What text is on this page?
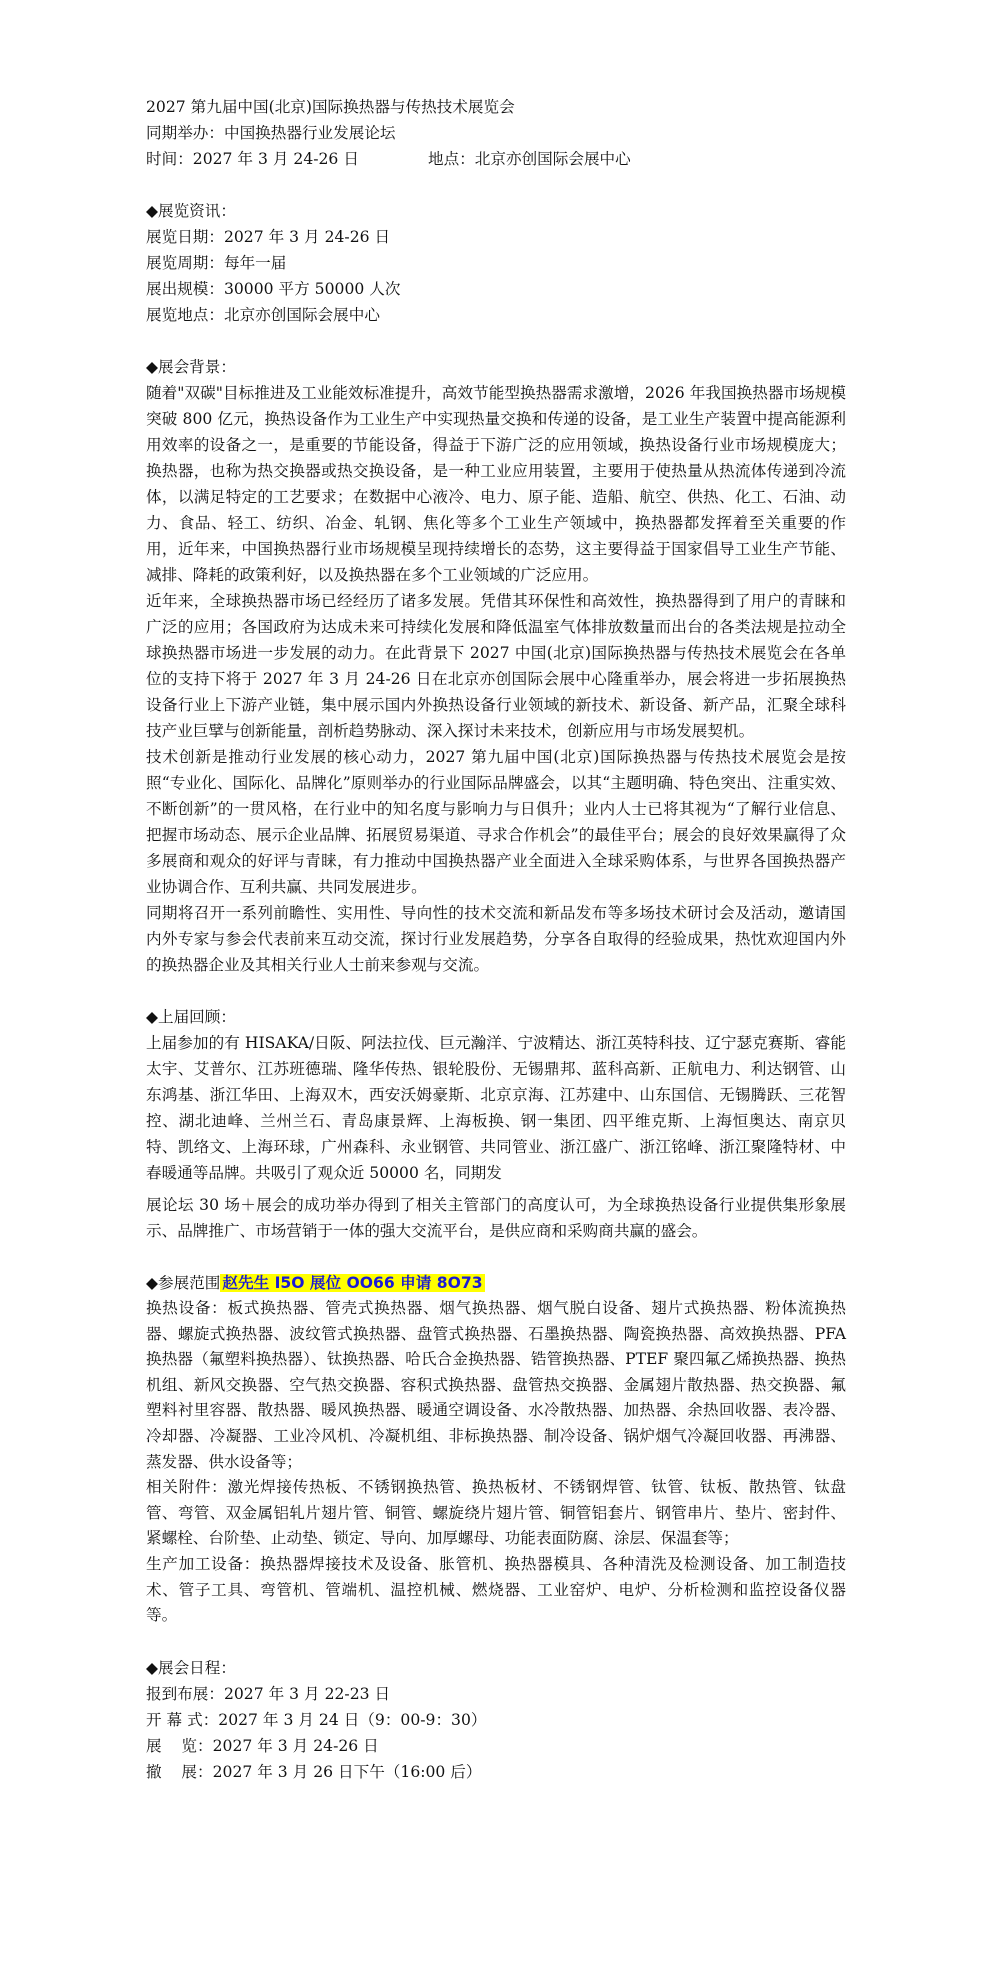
2027 第九届中国(北京)国际换热器与传热技术展览会
同期举办：中国换热器行业发展论坛
时间：2027 年 3 月 24-26 日	地点：北京亦创国际会展中心
◆展览资讯：
展览日期：2027 年 3 月 24-26 日
展览周期：每年一届
展出规模：30000 平方 50000 人次
展览地点：北京亦创国际会展中心
◆展会背景：

随着"双碳"目标推进及工业能效标准提升，高效节能型换热器需求激增，2026 年我国换热器市场规模突破 800 亿元，换热设备作为工业生产中实现热量交换和传递的设备，是工业生产装置中提高能源利用效率的设备之一，是重要的节能设备，得益于下游广泛的应用领域，换热设备行业市场规模庞大；换热器，也称为热交换器或热交换设备，是一种工业应用装置，主要用于使热量从热流体传递到冷流体，以满足特定的工艺要求；在数据中心液冷、电力、原子能、造船、航空、供热、化工、石油、动力、食品、轻工、纺织、冶金、轧钢、焦化等多个工业生产领域中，换热器都发挥着至关重要的作用，近年来，中国换热器行业市场规模呈现持续增长的态势，这主要得益于国家倡导工业生产节能、减排、降耗的政策利好，以及换热器在多个工业领域的广泛应用。

近年来，全球换热器市场已经经历了诸多发展。凭借其环保性和高效性，换热器得到了用户的青睐和广泛的应用；各国政府为达成未来可持续化发展和降低温室气体排放数量而出台的各类法规是拉动全球换热器市场进一步发展的动力。在此背景下 2027 中国(北京)国际换热器与传热技术展览会在各单位的支持下将于 2027 年 3 月 24-26 日在北京亦创国际会展中心隆重举办，展会将进一步拓展换热设备行业上下游产业链，集中展示国内外换热设备行业领域的新技术、新设备、新产品，汇聚全球科技产业巨擘与创新能量，剖析趋势脉动、深入探讨未来技术，创新应用与市场发展契机。

技术创新是推动行业发展的核心动力，2027 第九届中国(北京)国际换热器与传热技术展览会是按照“专业化、国际化、品牌化”原则举办的行业国际品牌盛会，以其“主题明确、特色突出、注重实效、不断创新”的一贯风格，在行业中的知名度与影响力与日俱升；业内人士已将其视为“了解行业信息、把握市场动态、展示企业品牌、拓展贸易渠道、寻求合作机会”的最佳平台；展会的良好效果赢得了众多展商和观众的好评与青睐，有力推动中国换热器产业全面进入全球采购体系，与世界各国换热器产业协调合作、互利共赢、共同发展进步。

同期将召开一系列前瞻性、实用性、导向性的技术交流和新品发布等多场技术研讨会及活动，邀请国内外专家与参会代表前来互动交流，探讨行业发展趋势，分享各自取得的经验成果，热忱欢迎国内外的换热器企业及其相关行业人士前来参观与交流。

◆上届回顾：

上届参加的有 HISAKA/日阪、阿法拉伐、巨元瀚洋、宁波精达、浙江英特科技、辽宁瑟克赛斯、睿能太宇、艾普尔、江苏班德瑞、隆华传热、银轮股份、无锡鼎邦、蓝科高新、正航电力、利达钢管、山东鸿基、浙江华田、上海双木，西安沃姆豪斯、北京京海、江苏建中、山东国信、无锡腾跃、三花智控、湖北迪峰、兰州兰石、青岛康景辉、上海板换、钢一集团、四平维克斯、上海恒奥达、南京贝特、凯络文、上海环球，广州森科、永业钢管、共同管业、浙江盛广、浙江铭峰、浙江聚隆特材、中春暖通等品牌。共吸引了观众近 50000 名，同期发

展论坛 30 场＋展会的成功举办得到了相关主管部门的高度认可，为全球换热设备行业提供集形象展示、品牌推广、市场营销于一体的强大交流平台，是供应商和采购商共赢的盛会。

◆参展范围 赵先生 I5O 展位 OO66 申请 8O73

换热设备：板式换热器、管壳式换热器、烟气换热器、烟气脱白设备、翅片式换热器、粉体流换热器、螺旋式换热器、波纹管式换热器、盘管式换热器、石墨换热器、陶瓷换热器、高效换热器、PFA 换热器（氟塑料换热器）、钛换热器、哈氏合金换热器、锆管换热器、PTEF 聚四氟乙烯换热器、换热机组、新风交换器、空气热交换器、容积式换热器、盘管热交换器、金属翅片散热器、热交换器、氟塑料衬里容器、散热器、暖风换热器、暖通空调设备、水冷散热器、加热器、余热回收器、表冷器、冷却器、冷凝器、工业冷风机、冷凝机组、非标换热器、制冷设备、锅炉烟气冷凝回收器、再沸器、蒸发器、供水设备等；

相关附件：激光焊接传热板、不锈钢换热管、换热板材、不锈钢焊管、钛管、钛板、散热管、钛盘管、弯管、双金属铝轧片翅片管、铜管、螺旋绕片翅片管、铜管铝套片、钢管串片、垫片、密封件、紧螺栓、台阶垫、止动垫、锁定、导向、加厚螺母、功能表面防腐、涂层、保温套等；

生产加工设备：换热器焊接技术及设备、胀管机、换热器模具、各种清洗及检测设备、加工制造技术、管子工具、弯管机、管端机、温控机械、燃烧器、工业窑炉、电炉、分析检测和监控设备仪器等。

◆展会日程：
报到布展：2027 年 3 月 22-23 日
开 幕 式：2027 年 3 月 24 日（9：00-9：30）
展    览：2027 年 3 月 24-26 日
撤    展：2027 年 3 月 26 日下午（16:00 后）
